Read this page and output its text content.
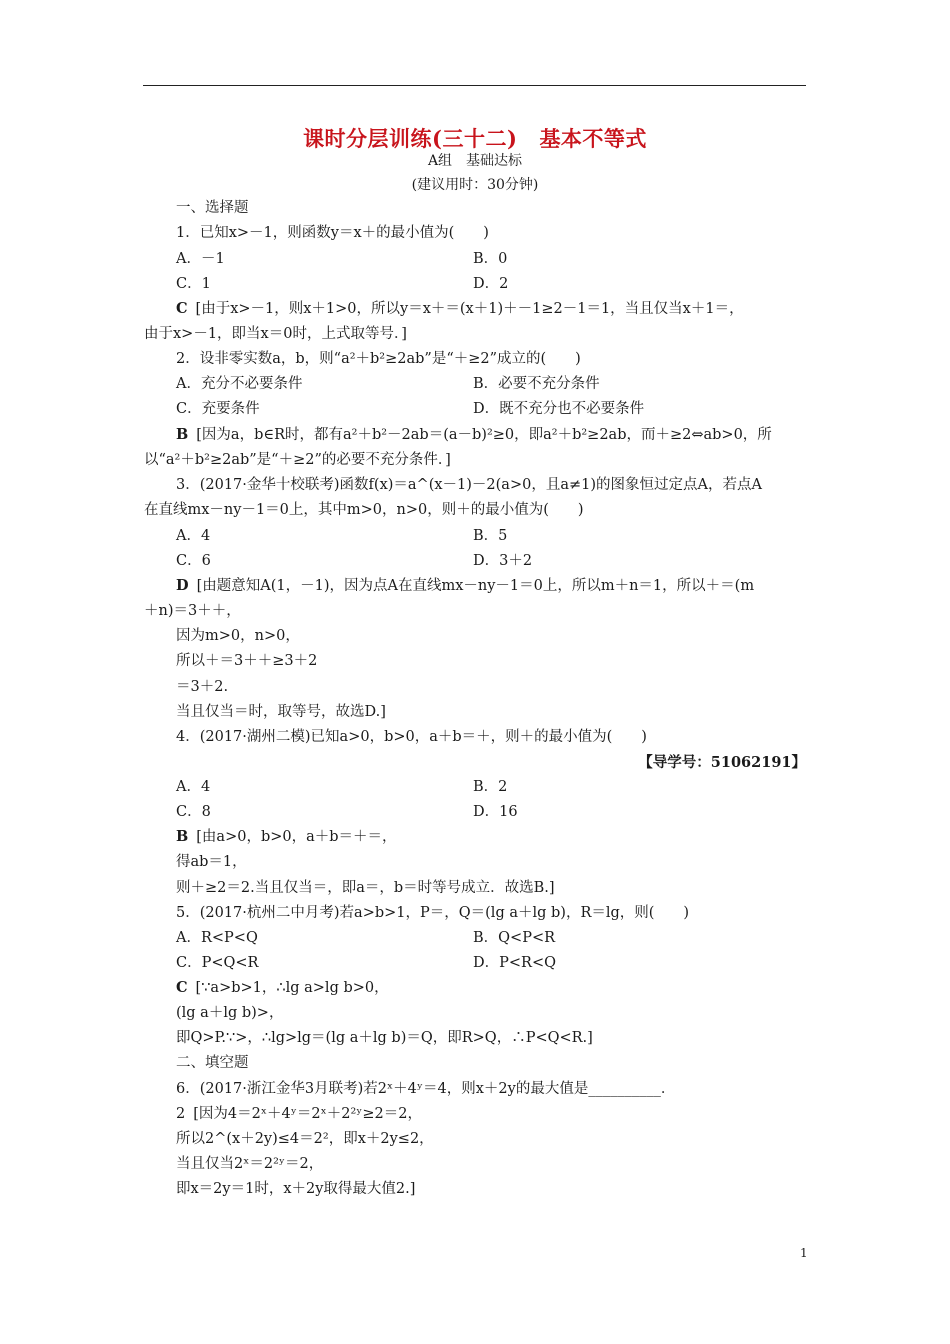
课时分层训练(三十二) 基本不等式
A组　基础达标
(建议用时：30分钟)
一、选择题
1．已知x>－1，则函数y＝x＋的最小值为(　　)
A．－1	B．0
C．1	D．2
C [由于x>－1，则x＋1>0，所以y＝x＋＝(x＋1)＋－1≥2－1＝1，当且仅当x＋1＝，
由于x>－1，即当x＝0时，上式取等号．]
2．设非零实数a，b，则“a²＋b²≥2ab”是“＋≥2”成立的(　　)
A．充分不必要条件	B．必要不充分条件
C．充要条件	D．既不充分也不必要条件
B [因为a，b∈R时，都有a²＋b²－2ab＝(a－b)²≥0，即a²＋b²≥2ab，而＋≥2⇔ab>0，所
以“a²＋b²≥2ab”是“＋≥2”的必要不充分条件．]
3．(2017·金华十校联考)函数f(x)＝a^(x－1)－2(a>0，且a≠1)的图象恒过定点A，若点A
在直线mx－ny－1＝0上，其中m>0，n>0，则＋的最小值为(　　)
A．4	B．5
C．6	D．3＋2
D [由题意知A(1，－1)，因为点A在直线mx－ny－1＝0上，所以m＋n＝1，所以＋＝(m
＋n)＝3＋＋，
因为m>0，n>0，
所以＋＝3＋＋≥3＋2
＝3＋2.
当且仅当＝时，取等号，故选D.]
4．(2017·湖州二模)已知a>0，b>0，a＋b＝＋，则＋的最小值为(　　)
【导学号：51062191】
A．4	B．2
C．8	D．16
B [由a>0，b>0，a＋b＝＋＝，
得ab＝1，
则＋≥2＝2.当且仅当＝，即a＝，b＝时等号成立．故选B.]
5．(2017·杭州二中月考)若a>b>1，P＝，Q＝(lg a＋lg b)，R＝lg，则(　　)
A．R<P<Q	B．Q<P<R
C．P<Q<R	D．P<R<Q
C [∵a>b>1，∴lg a>lg b>0，
(lg a＋lg b)>，
即Q>P.∵>，∴lg>lg＝(lg a＋lg b)＝Q，即R>Q，∴P<Q<R.]
二、填空题
6．(2017·浙江金华3月联考)若2ˣ＋4ʸ＝4，则x＋2y的最大值是__________．
2 [因为4＝2ˣ＋4ʸ＝2ˣ＋2²ʸ≥2＝2，
所以2^(x＋2y)≤4＝2²，即x＋2y≤2，
当且仅当2ˣ＝2²ʸ＝2，
即x＝2y＝1时，x＋2y取得最大值2.]
1
